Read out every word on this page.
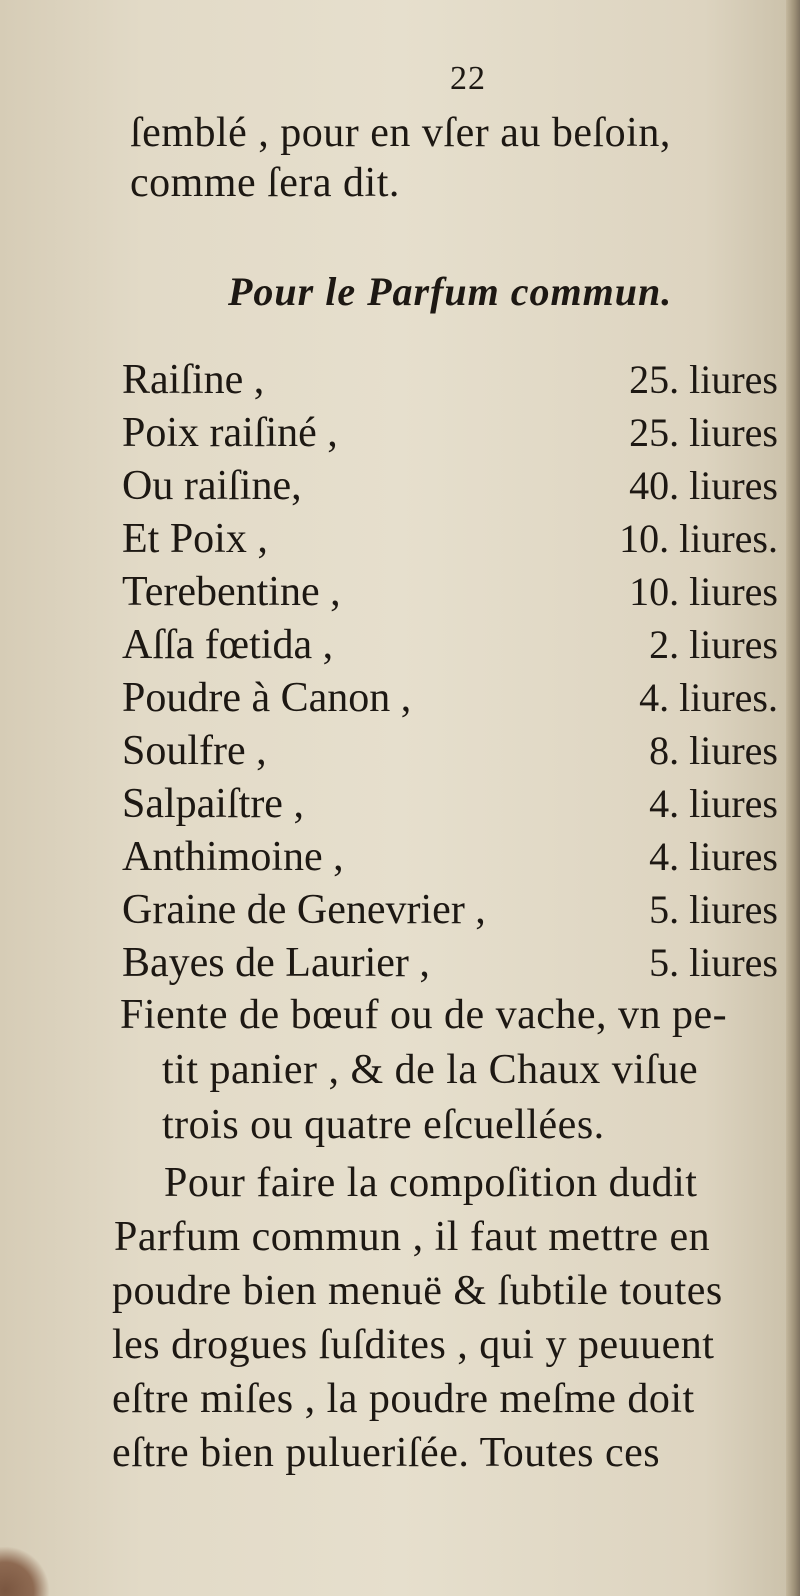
22
ſemblé , pour en vſer au beſoin,
comme ſera dit.
Pour le Parfum commun.
Raiſine ,	25. liures
Poix raiſiné ,	25. liures
Ou raiſine,	40. liures
Et Poix ,	10. liures.
Terebentine ,	10. liures
Aſſa fœtida ,	2. liures
Poudre à Canon ,	4. liures.
Soulfre ,	8. liures
Salpaiſtre ,	4. liures
Anthimoine ,	4. liures
Graine de Genevrier ,	5. liures
Bayes de Laurier ,	5. liures
Fiente de bœuf ou de vache, vn pe-
tit panier , & de la Chaux viſue
trois ou quatre eſcuellées.
Pour faire la compoſition dudit
Parfum commun , il faut mettre en
poudre bien menuë & ſubtile toutes
les drogues ſuſdites , qui y peuuent
eſtre miſes , la poudre meſme doit
eſtre bien pulueriſée. Toutes ces
